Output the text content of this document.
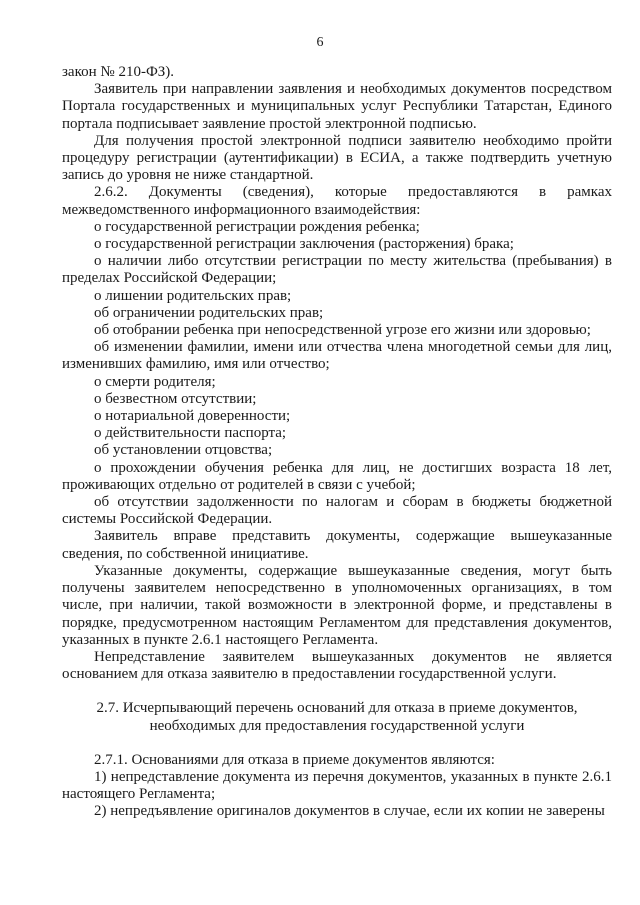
6

закон № 210-ФЗ).

Заявитель при направлении заявления и необходимых документов посредством Портала государственных и муниципальных услуг Республики Татарстан, Единого портала подписывает заявление простой электронной подписью.

Для получения простой электронной подписи заявителю необходимо пройти процедуру регистрации (аутентификации) в ЕСИА, а также подтвердить учетную запись до уровня не ниже стандартной.

2.6.2. Документы (сведения), которые предоставляются в рамках межведомственного информационного взаимодействия:

о государственной регистрации рождения ребенка;

о государственной регистрации заключения (расторжения) брака;

о наличии либо отсутствии регистрации по месту жительства (пребывания) в пределах Российской Федерации;

о лишении родительских прав;

об ограничении родительских прав;

об отобрании ребенка при непосредственной угрозе его жизни или здоровью;

об изменении фамилии, имени или отчества члена многодетной семьи для лиц, изменивших фамилию, имя или отчество;

о смерти родителя;

о безвестном отсутствии;

о нотариальной доверенности;

о действительности паспорта;

об установлении отцовства;

о прохождении обучения ребенка для лиц, не достигших возраста 18 лет, проживающих отдельно от родителей в связи с учебой;

об отсутствии задолженности по налогам и сборам в бюджеты бюджетной системы Российской Федерации.

Заявитель вправе представить документы, содержащие вышеуказанные сведения, по собственной инициативе.

Указанные документы, содержащие вышеуказанные сведения, могут быть получены заявителем непосредственно в уполномоченных организациях, в том числе, при наличии, такой возможности в электронной форме, и представлены в порядке, предусмотренном настоящим Регламентом для представления документов, указанных в пункте 2.6.1 настоящего Регламента.

Непредставление заявителем вышеуказанных документов не является основанием для отказа заявителю в предоставлении государственной услуги.

2.7. Исчерпывающий перечень оснований для отказа в приеме документов, необходимых для предоставления государственной услуги

2.7.1. Основаниями для отказа в приеме документов являются:

1) непредставление документа из перечня документов, указанных в пункте 2.6.1 настоящего Регламента;

2) непредъявление оригиналов документов в случае, если их копии не заверены
